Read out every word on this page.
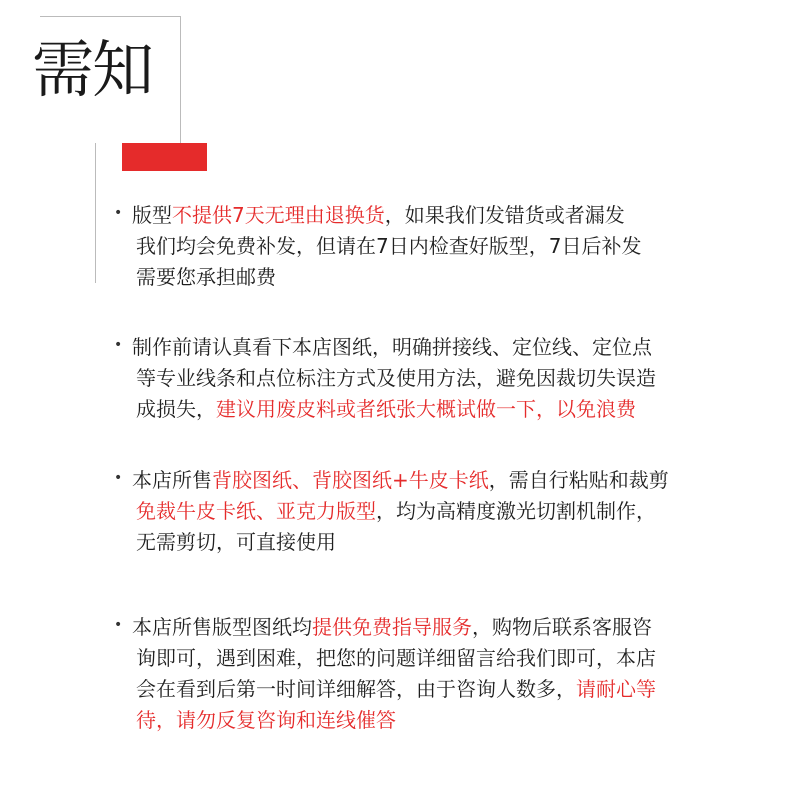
需知
• 版型不提供7天无理由退换货，如果我们发错货或者漏发
我们均会免费补发，但请在7日内检查好版型，7日后补发
需要您承担邮费
• 制作前请认真看下本店图纸，明确拼接线、定位线、定位点
等专业线条和点位标注方式及使用方法，避免因裁切失误造
成损失，建议用废皮料或者纸张大概试做一下，以免浪费
• 本店所售背胶图纸、背胶图纸+牛皮卡纸，需自行粘贴和裁剪
免裁牛皮卡纸、亚克力版型，均为高精度激光切割机制作，
无需剪切，可直接使用
• 本店所售版型图纸均提供免费指导服务，购物后联系客服咨
询即可，遇到困难，把您的问题详细留言给我们即可，本店
会在看到后第一时间详细解答，由于咨询人数多，请耐心等
待，请勿反复咨询和连线催答
